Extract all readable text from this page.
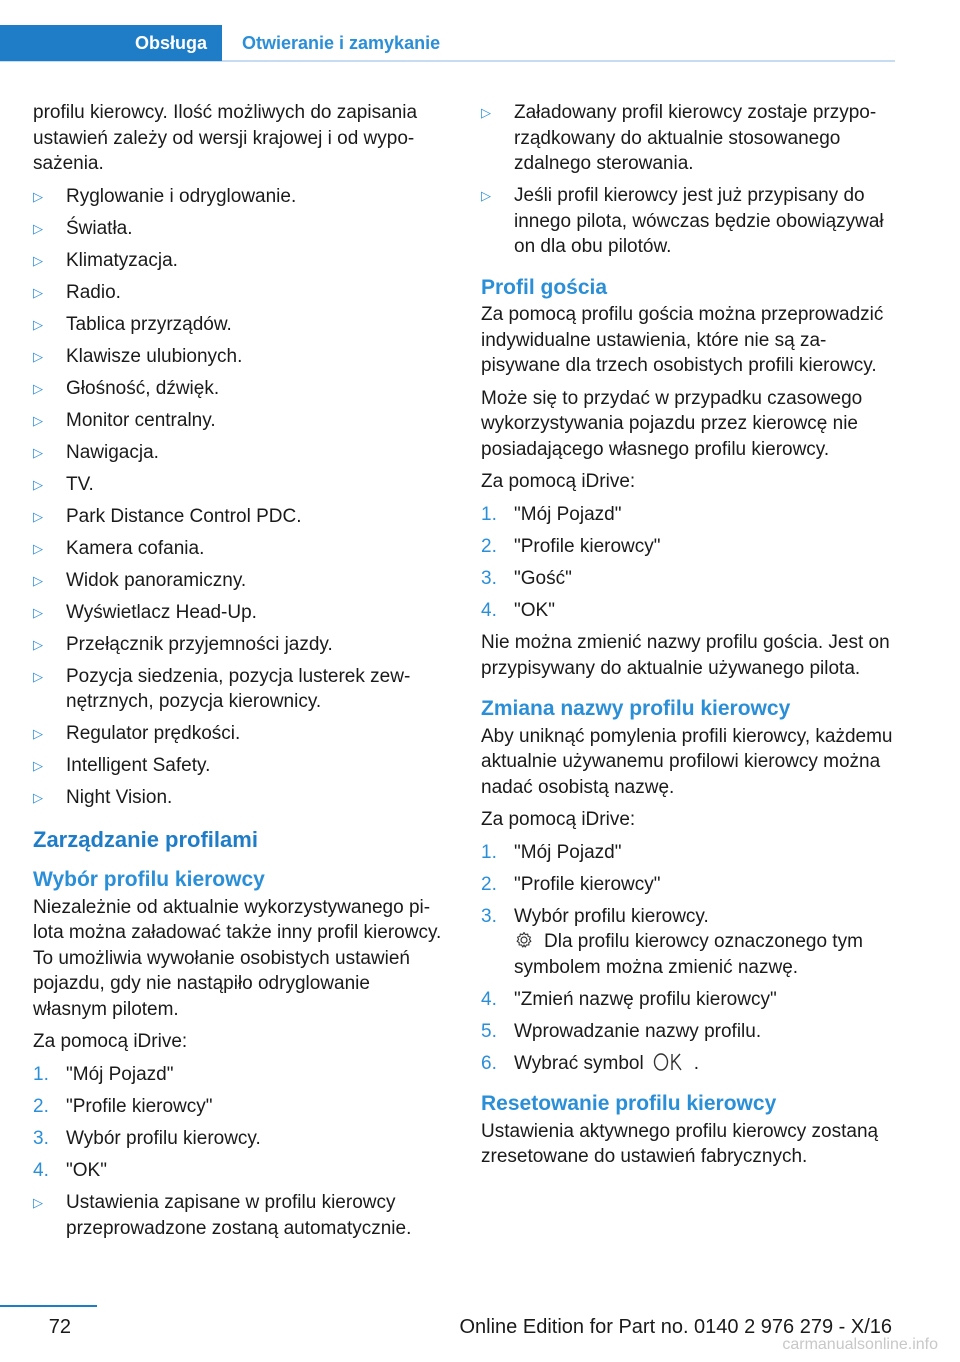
Obsługa Otwieranie i zamykanie

profilu kierowcy. Ilość możliwych do zapisania ustawień zależy od wersji krajowej i od wyposażenia.

▷ Ryglowanie i odryglowanie.
▷ Światła.
▷ Klimatyzacja.
▷ Radio.
▷ Tablica przyrządów.
▷ Klawisze ulubionych.
▷ Głośność, dźwięk.
▷ Monitor centralny.
▷ Nawigacja.
▷ TV.
▷ Park Distance Control PDC.
▷ Kamera cofania.
▷ Widok panoramiczny.
▷ Wyświetlacz Head-Up.
▷ Przełącznik przyjemności jazdy.
▷ Pozycja siedzenia, pozycja lusterek zewnętrznych, pozycja kierownicy.
▷ Regulator prędkości.
▷ Intelligent Safety.
▷ Night Vision.
Zarządzanie profilami
Wybór profilu kierowcy

Niezależnie od aktualnie wykorzystywanego pilota można załadować także inny profil kierowcy. To umożliwia wywołanie osobistych ustawień pojazdu, gdy nie nastąpiło odryglowanie własnym pilotem.

Za pomocą iDrive:

1. "Mój Pojazd"
2. "Profile kierowcy"
3. Wybór profilu kierowcy.
4. "OK"
▷ Ustawienia zapisane w profilu kierowcy przeprowadzone zostaną automatycznie.
▷ Załadowany profil kierowcy zostaje przyporządkowany do aktualnie stosowanego zdalnego sterowania.
▷ Jeśli profil kierowcy jest już przypisany do innego pilota, wówczas będzie obowiązywał on dla obu pilotów.
Profil gościa

Za pomocą profilu gościa można przeprowadzić indywidualne ustawienia, które nie są zapisywane dla trzech osobistych profili kierowcy.

Może się to przydać w przypadku czasowego wykorzystywania pojazdu przez kierowcę nie posiadającego własnego profilu kierowcy.

Za pomocą iDrive:

1. "Mój Pojazd"
2. "Profile kierowcy"
3. "Gość"
4. "OK"

Nie można zmienić nazwy profilu gościa. Jest on przypisywany do aktualnie używanego pilota.

Zmiana nazwy profilu kierowcy

Aby uniknąć pomylenia profili kierowcy, każdemu aktualnie używanemu profilowi kierowcy można nadać osobistą nazwę.

Za pomocą iDrive:

1. "Mój Pojazd"
2. "Profile kierowcy"
3. Wybór profilu kierowcy.
Dla profilu kierowcy oznaczonego tym symbolem można zmienić nazwę.
4. "Zmień nazwę profilu kierowcy"
5. Wprowadzanie nazwy profilu.
6. Wybrać symbol	.
Resetowanie profilu kierowcy

Ustawienia aktywnego profilu kierowcy zostaną zresetowane do ustawień fabrycznych.

72	Online Edition for Part no. 0140 2 976 279 - X/16
carmanualsonline.info
